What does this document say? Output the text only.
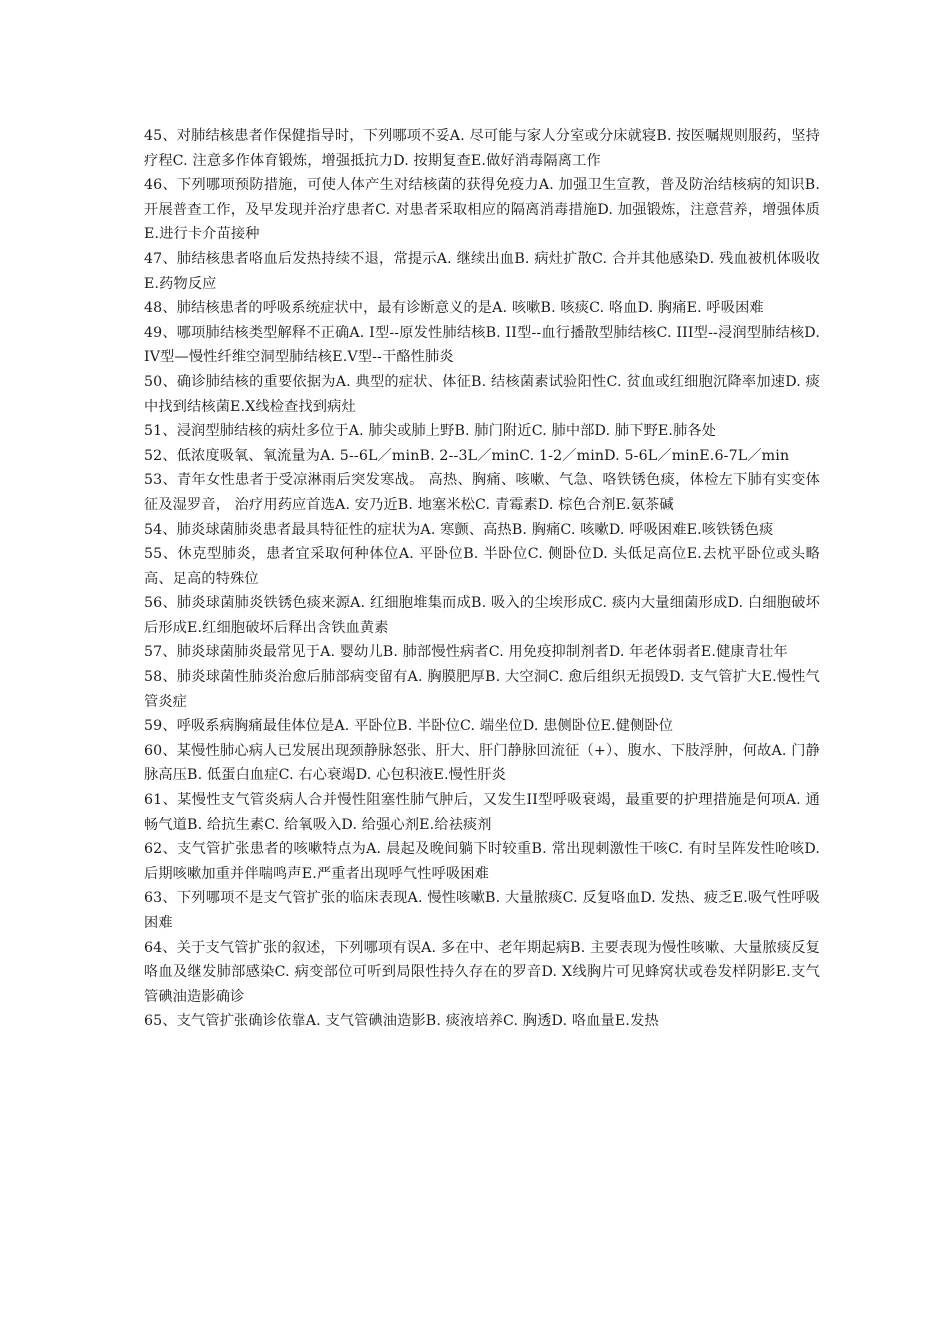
45、对肺结核患者作保健指导时，下列哪项不妥A. 尽可能与家人分室或分床就寝B. 按医嘱规则服药，坚持疗程C. 注意多作体育锻炼，增强抵抗力D. 按期复查E.做好消毒隔离工作

46、下列哪项预防措施，可使人体产生对结核菌的获得免疫力A. 加强卫生宣教，普及防治结核病的知识B. 开展普查工作，及早发现并治疗患者C. 对患者采取相应的隔离消毒措施D. 加强锻炼，注意营养，增强体质E.进行卡介苗接种

47、肺结核患者咯血后发热持续不退，常提示A. 继续出血B. 病灶扩散C. 合并其他感染D. 残血被机体吸收E.药物反应

48、肺结核患者的呼吸系统症状中，最有诊断意义的是A. 咳嗽B. 咳痰C. 咯血D. 胸痛E. 呼吸困难

49、哪项肺结核类型解释不正确A. I型--原发性肺结核B. II型--血行播散型肺结核C. III型--浸润型肺结核D. IV型—慢性纤维空洞型肺结核E.V型--干酪性肺炎

50、确诊肺结核的重要依据为A. 典型的症状、体征B. 结核菌素试验阳性C. 贫血或红细胞沉降率加速D. 痰中找到结核菌E.X线检查找到病灶

51、浸润型肺结核的病灶多位于A. 肺尖或肺上野B. 肺门附近C. 肺中部D. 肺下野E.肺各处

52、低浓度吸氧、氧流量为A. 5--6L／minB. 2--3L／minC. 1-2／minD. 5-6L／minE.6-7L／min

53、青年女性患者于受凉淋雨后突发寒战。 高热、胸痛、咳嗽、气急、咯铁锈色痰，体检左下肺有实变体征及湿罗音， 治疗用药应首选A. 安乃近B. 地塞米松C. 青霉素D. 棕色合剂E.氨茶碱

54、肺炎球菌肺炎患者最具特征性的症状为A. 寒颤、高热B. 胸痛C. 咳嗽D. 呼吸困难E.咳铁锈色痰

55、休克型肺炎，患者宜采取何种体位A. 平卧位B. 半卧位C. 侧卧位D. 头低足高位E.去枕平卧位或头略高、足高的特殊位

56、肺炎球菌肺炎铁锈色痰来源A. 红细胞堆集而成B. 吸入的尘埃形成C. 痰内大量细菌形成D. 白细胞破坏后形成E.红细胞破坏后释出含铁血黄素

57、肺炎球菌肺炎最常见于A. 婴幼儿B. 肺部慢性病者C. 用免疫抑制剂者D. 年老体弱者E.健康青壮年

58、肺炎球菌性肺炎治愈后肺部病变留有A. 胸膜肥厚B. 大空洞C. 愈后组织无损毁D. 支气管扩大E.慢性气管炎症

59、呼吸系病胸痛最佳体位是A. 平卧位B. 半卧位C. 端坐位D. 患侧卧位E.健侧卧位

60、某慢性肺心病人已发展出现颈静脉怒张、肝大、肝门静脉回流征（+）、腹水、下肢浮肿，何故A. 门静脉高压B. 低蛋白血症C. 右心衰竭D. 心包积液E.慢性肝炎

61、某慢性支气管炎病人合并慢性阻塞性肺气肿后，又发生II型呼吸衰竭，最重要的护理措施是何项A. 通畅气道B. 给抗生素C. 给氧吸入D. 给强心剂E.给祛痰剂

62、支气管扩张患者的咳嗽特点为A. 晨起及晚间躺下时较重B. 常出现刺激性干咳C. 有时呈阵发性呛咳D. 后期咳嗽加重并伴喘鸣声E.严重者出现呼气性呼吸困难

63、下列哪项不是支气管扩张的临床表现A. 慢性咳嗽B. 大量脓痰C. 反复咯血D. 发热、疲乏E.吸气性呼吸困难

64、关于支气管扩张的叙述，下列哪项有误A. 多在中、老年期起病B. 主要表现为慢性咳嗽、大量脓痰反复咯血及继发肺部感染C. 病变部位可听到局限性持久存在的罗音D. X线胸片可见蜂窝状或卷发样阴影E.支气管碘油造影确诊

65、支气管扩张确诊依靠A. 支气管碘油造影B. 痰液培养C. 胸透D. 咯血量E.发热
